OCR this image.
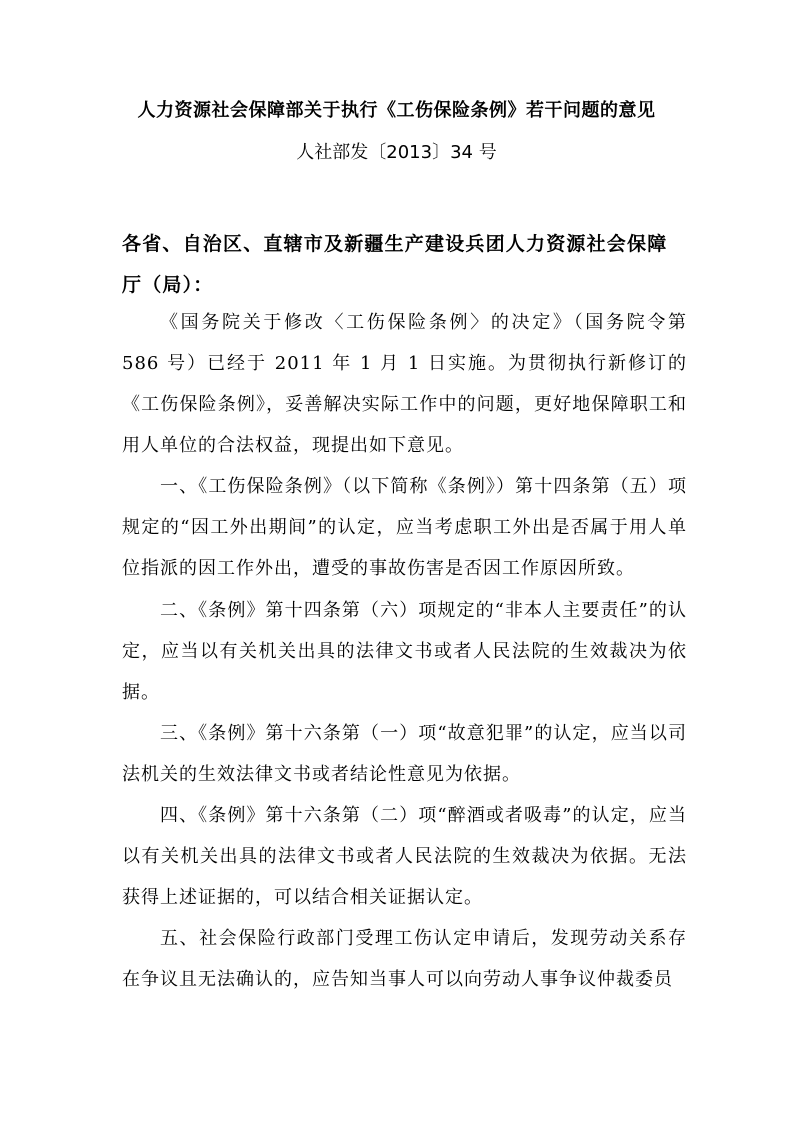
人力资源社会保障部关于执行《工伤保险条例》若干问题的意见
人社部发〔2013〕34 号

各省、自治区、直辖市及新疆生产建设兵团人力资源社会保障厅（局）：

《国务院关于修改〈工伤保险条例〉的决定》（国务院令第 586 号）已经于 2011 年 1 月 1 日实施。为贯彻执行新修订的《工伤保险条例》，妥善解决实际工作中的问题，更好地保障职工和用人单位的合法权益，现提出如下意见。

一、《工伤保险条例》（以下简称《条例》）第十四条第（五）项规定的“因工外出期间”的认定，应当考虑职工外出是否属于用人单位指派的因工作外出，遭受的事故伤害是否因工作原因所致。

二、《条例》第十四条第（六）项规定的“非本人主要责任”的认定，应当以有关机关出具的法律文书或者人民法院的生效裁决为依据。

三、《条例》第十六条第（一）项“故意犯罪”的认定，应当以司法机关的生效法律文书或者结论性意见为依据。

四、《条例》第十六条第（二）项“醉酒或者吸毒”的认定，应当以有关机关出具的法律文书或者人民法院的生效裁决为依据。无法获得上述证据的，可以结合相关证据认定。

五、社会保险行政部门受理工伤认定申请后，发现劳动关系存在争议且无法确认的，应告知当事人可以向劳动人事争议仲裁委员
